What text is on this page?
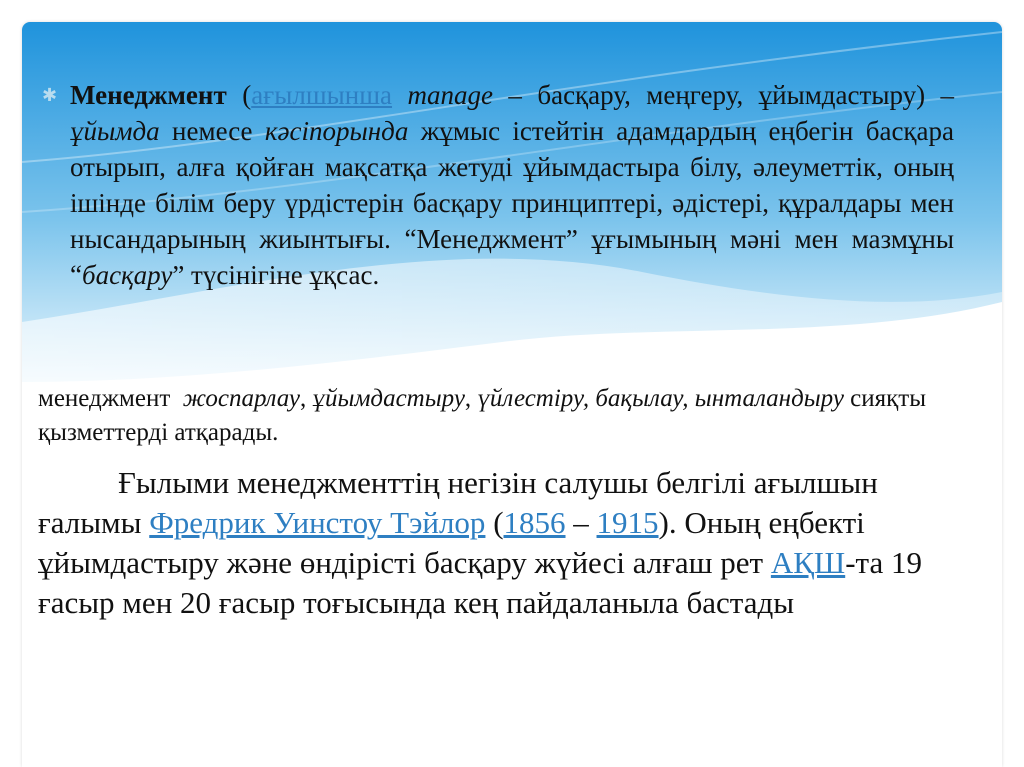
✱ Менеджмент (ағылшынша manage – басқару, меңгеру, ұйымдастыру) – ұйымда немесе кәсіпорында жұмыс істейтін адамдардың еңбегін басқара отырып, алға қойған мақсатқа жетуді ұйымдастыра білу, әлеуметтік, оның ішінде білім беру үрдістерін басқару принциптері, әдістері, құралдары мен нысандарының жиынтығы. “Менеджмент” ұғымының мәні мен мазмұны “басқару” түсінігіне ұқсас.
менеджмент жоспарлау, ұйымдастыру, үйлестіру, бақылау, ынталандыру сияқты қызметтерді атқарады.
Ғылыми менеджменттің негізін салушы белгілі ағылшын ғалымы Фредрик Уинстоу Тэйлор (1856 – 1915). Оның еңбекті ұйымдастыру және өндірісті басқару жүйесі алғаш рет АҚШ-та 19 ғасыр мен 20 ғасыр тоғысында кең пайдаланыла бастады
